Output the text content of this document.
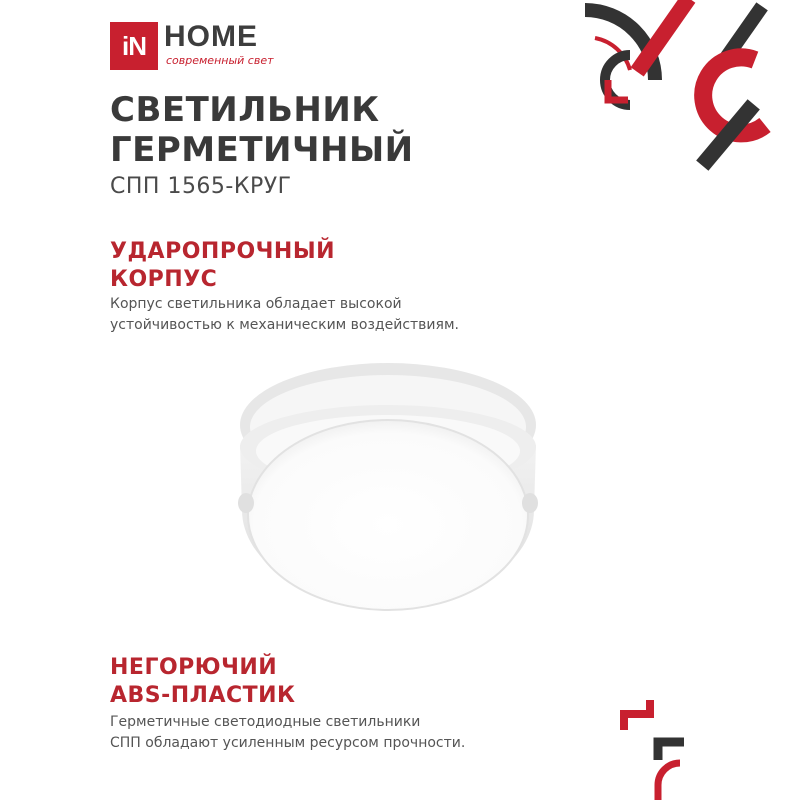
iN HOME
современный свет
СВЕТИЛЬНИК
ГЕРМЕТИЧНЫЙ
СПП 1565-КРУГ
УДАРОПРОЧНЫЙ
КОРПУС
Корпус светильника обладает высокой
устойчивостью к механическим воздействиям.
НЕГОРЮЧИЙ
ABS-ПЛАСТИК
Герметичные светодиодные светильники
СПП обладают усиленным ресурсом прочности.
